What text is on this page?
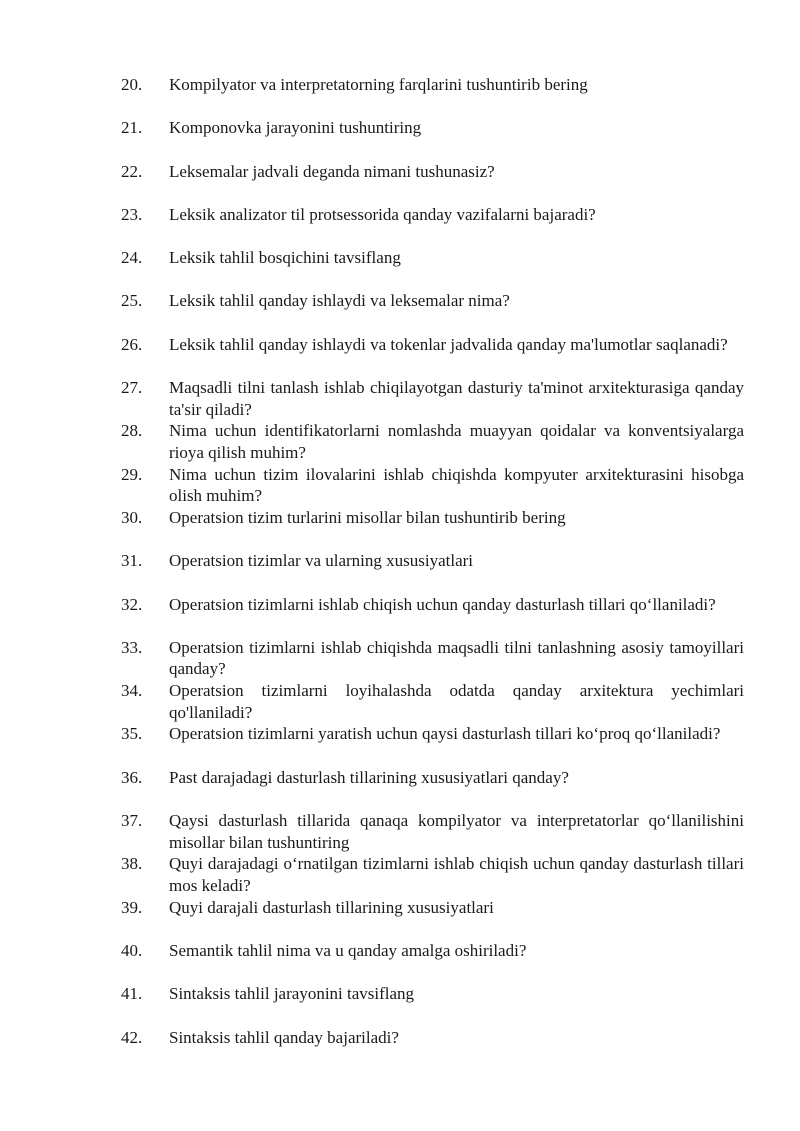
20.	Kompilyator va interpretatorning farqlarini tushuntirib bering

21.	Komponovka jarayonini tushuntiring

22.	Leksemalar jadvali deganda nimani tushunasiz?

23.	Leksik analizator til protsessorida qanday vazifalarni bajaradi?

24.	Leksik tahlil bosqichini tavsiflang

25.	Leksik tahlil qanday ishlaydi va leksemalar nima?

26.	Leksik tahlil qanday ishlaydi va tokenlar jadvalida qanday ma'lumotlar saqlanadi?

27.	Maqsadli tilni tanlash ishlab chiqilayotgan dasturiy ta'minot arxitekturasiga qanday ta'sir qiladi?

28.	Nima uchun identifikatorlarni nomlashda muayyan qoidalar va konventsiyalarga rioya qilish muhim?

29.	Nima uchun tizim ilovalarini ishlab chiqishda kompyuter arxitekturasini hisobga olish muhim?

30.	Operatsion tizim turlarini misollar bilan tushuntirib bering

31.	Operatsion tizimlar va ularning xususiyatlari

32.	Operatsion tizimlarni ishlab chiqish uchun qanday dasturlash tillari qo‘llaniladi?

33.	Operatsion tizimlarni ishlab chiqishda maqsadli tilni tanlashning asosiy tamoyillari qanday?

34.	Operatsion tizimlarni loyihalashda odatda qanday arxitektura yechimlari qo'llaniladi?

35.	Operatsion tizimlarni yaratish uchun qaysi dasturlash tillari ko‘proq qo‘llaniladi?

36.	Past darajadagi dasturlash tillarining xususiyatlari qanday?

37.	Qaysi dasturlash tillarida qanaqa kompilyator va interpretatorlar qo‘llanilishini misollar bilan tushuntiring

38.	Quyi darajadagi o‘rnatilgan tizimlarni ishlab chiqish uchun qanday dasturlash tillari mos keladi?

39.	Quyi darajali dasturlash tillarining xususiyatlari

40.	Semantik tahlil nima va u qanday amalga oshiriladi?

41.	Sintaksis tahlil jarayonini tavsiflang

42.	Sintaksis tahlil qanday bajariladi?
